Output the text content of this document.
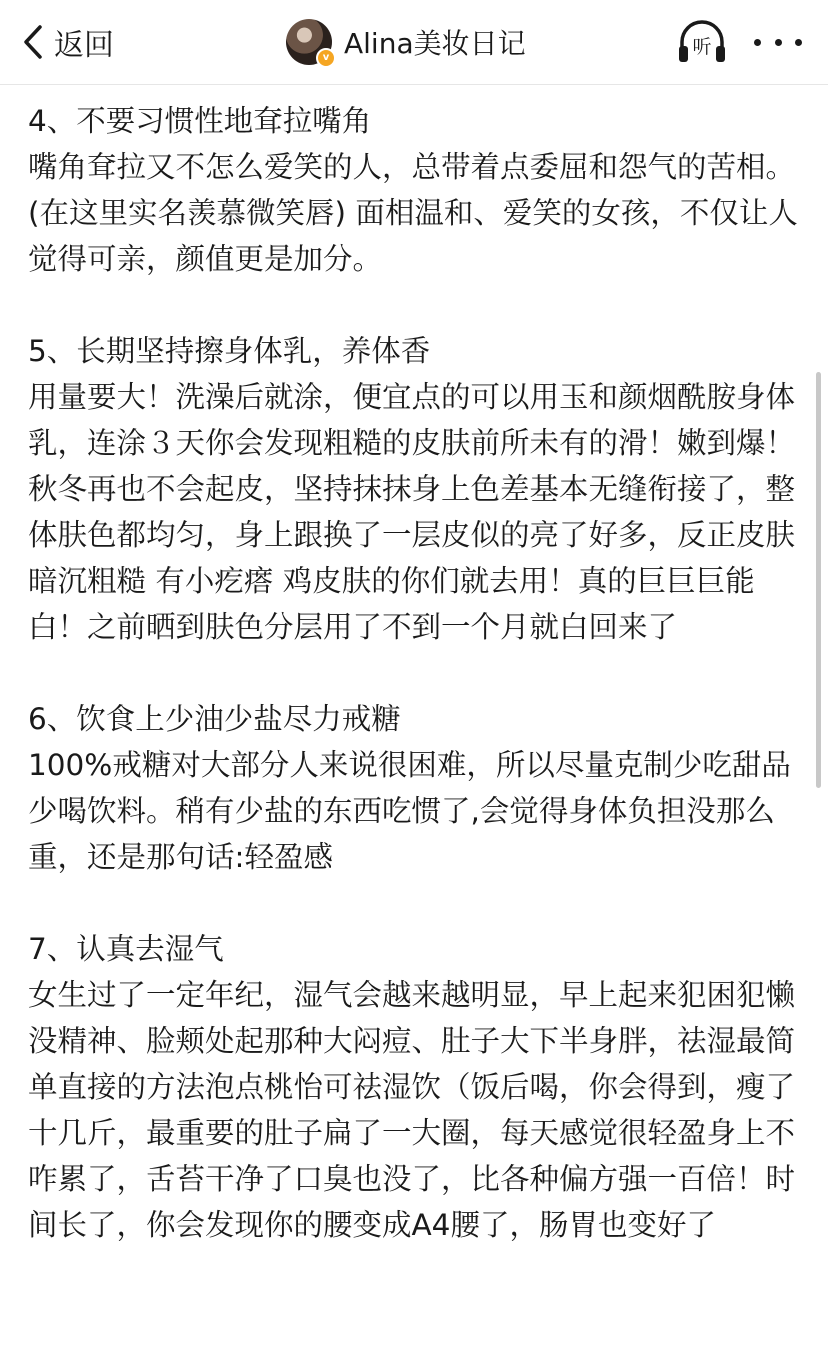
返回	v Alina美妆日记	听
4、不要习惯性地耷拉嘴角

嘴角耷拉又不怎么爱笑的人，总带着点委屈和怨气的苦相。(在这里实名羡慕微笑唇) 面相温和、爱笑的女孩，不仅让人觉得可亲，颜值更是加分。

5、长期坚持擦身体乳，养体香

用量要大！洗澡后就涂，便宜点的可以用玉和颜烟酰胺身体乳，连涂３天你会发现粗糙的皮肤前所未有的滑！嫩到爆！秋冬再也不会起皮，坚持抹抹身上色差基本无缝衔接了，整体肤色都均匀，身上跟换了一层皮似的亮了好多，反正皮肤暗沉粗糙 有小疙瘩 鸡皮肤的你们就去用！真的巨巨巨能白！之前晒到肤色分层用了不到一个月就白回来了

6、饮食上少油少盐尽力戒糖

100%戒糖对大部分人来说很困难，所以尽量克制少吃甜品少喝饮料。稍有少盐的东西吃惯了,会觉得身体负担没那么重，还是那句话:轻盈感

7、认真去湿气

女生过了一定年纪，湿气会越来越明显，早上起来犯困犯懒没精神、脸颊处起那种大闷痘、肚子大下半身胖，祛湿最简单直接的方法泡点桃怡可祛湿饮（饭后喝，你会得到，瘦了十几斤，最重要的肚子扁了一大圈，每天感觉很轻盈身上不咋累了，舌苔干净了口臭也没了，比各种偏方强一百倍！时间长了，你会发现你的腰变成A4腰了，肠胃也变好了
